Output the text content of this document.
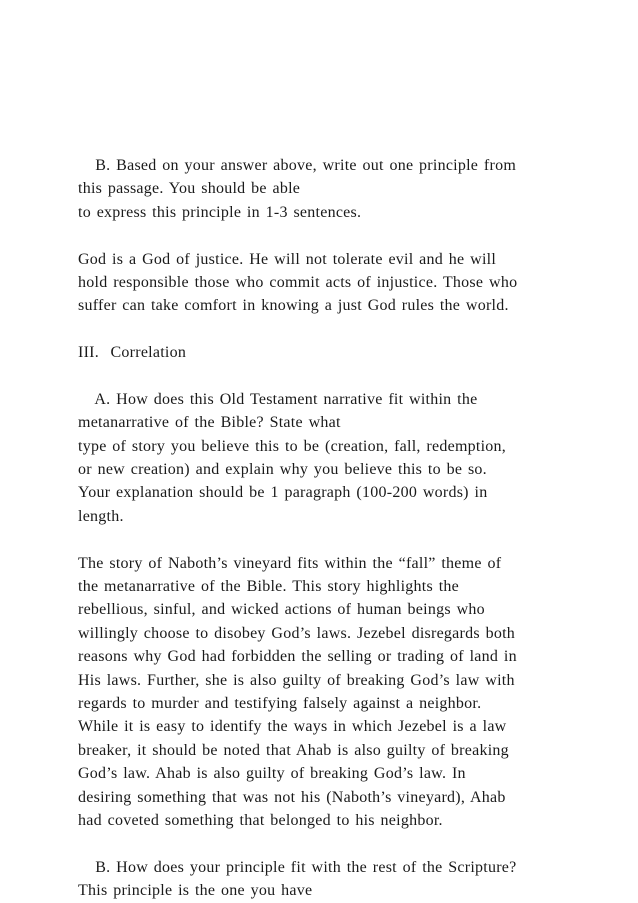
B. Based on your answer above, write out one principle from
this passage. You should be able
to express this principle in 1-3 sentences.
God is a God of justice. He will not tolerate evil and he will
hold responsible those who commit acts of injustice. Those who
suffer can take comfort in knowing a just God rules the world.
III.  Correlation
A. How does this Old Testament narrative fit within the
metanarrative of the Bible? State what
type of story you believe this to be (creation, fall, redemption,
or new creation) and explain why you believe this to be so.
Your explanation should be 1 paragraph (100-200 words) in
length.
The story of Naboth’s vineyard fits within the “fall” theme of
the metanarrative of the Bible. This story highlights the
rebellious, sinful, and wicked actions of human beings who
willingly choose to disobey God’s laws. Jezebel disregards both
reasons why God had forbidden the selling or trading of land in
His laws. Further, she is also guilty of breaking God’s law with
regards to murder and testifying falsely against a neighbor.
While it is easy to identify the ways in which Jezebel is a law
breaker, it should be noted that Ahab is also guilty of breaking
God’s law. Ahab is also guilty of breaking God’s law. In
desiring something that was not his (Naboth’s vineyard), Ahab
had coveted something that belonged to his neighbor.
B. How does your principle fit with the rest of the Scripture?
This principle is the one you have
